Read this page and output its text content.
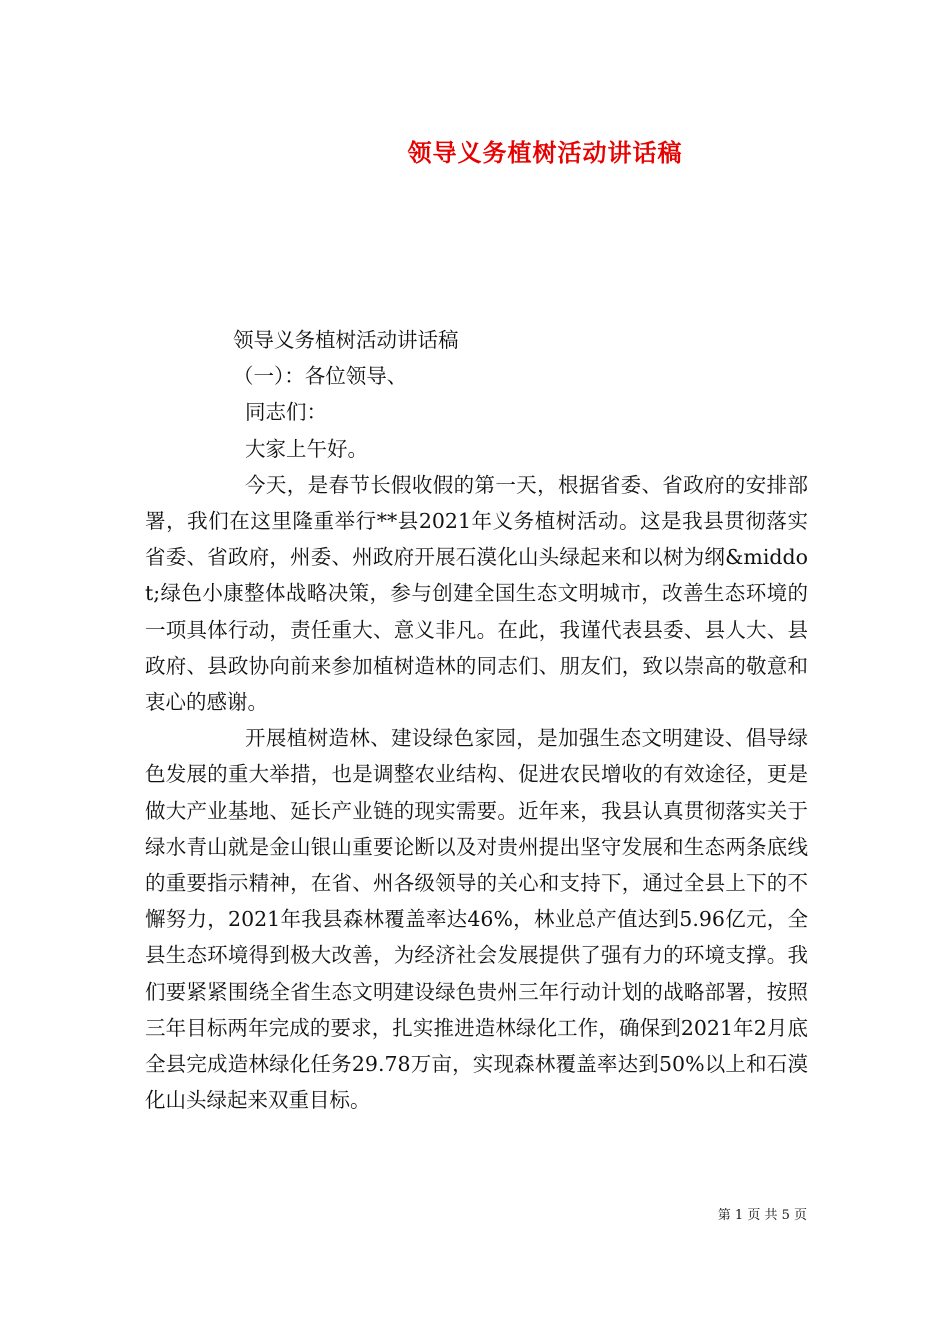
领导义务植树活动讲话稿
领导义务植树活动讲话稿
（一）：各位领导、
同志们：
大家上午好。

今天，是春节长假收假的第一天，根据省委、省政府的安排部署，我们在这里隆重举行**县2021年义务植树活动。这是我县贯彻落实省委、省政府，州委、州政府开展石漠化山头绿起来和以树为纲&middot;绿色小康整体战略决策，参与创建全国生态文明城市，改善生态环境的一项具体行动，责任重大、意义非凡。在此，我谨代表县委、县人大、县政府、县政协向前来参加植树造林的同志们、朋友们，致以崇高的敬意和衷心的感谢。

开展植树造林、建设绿色家园，是加强生态文明建设、倡导绿色发展的重大举措，也是调整农业结构、促进农民增收的有效途径，更是做大产业基地、延长产业链的现实需要。近年来，我县认真贯彻落实关于绿水青山就是金山银山重要论断以及对贵州提出坚守发展和生态两条底线的重要指示精神，在省、州各级领导的关心和支持下，通过全县上下的不懈努力，2021年我县森林覆盖率达46%，林业总产值达到5.96亿元，全县生态环境得到极大改善，为经济社会发展提供了强有力的环境支撑。我们要紧紧围绕全省生态文明建设绿色贵州三年行动计划的战略部署，按照三年目标两年完成的要求，扎实推进造林绿化工作，确保到2021年2月底全县完成造林绿化任务29.78万亩，实现森林覆盖率达到50%以上和石漠化山头绿起来双重目标。

第 1 页 共 5 页
